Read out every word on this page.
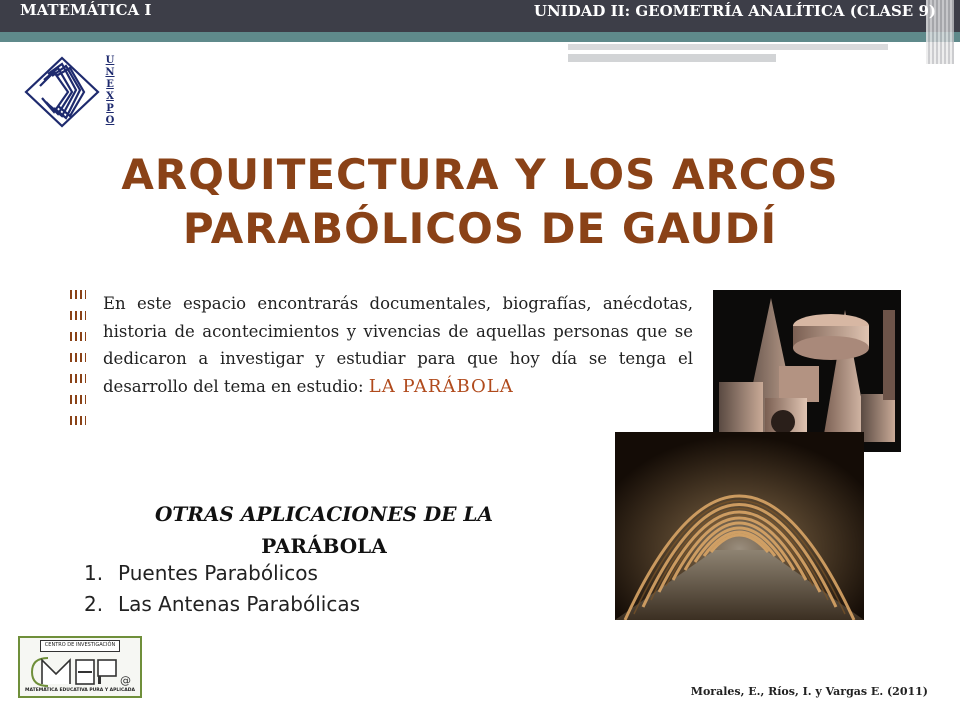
MATEMÁTICA I	UNIDAD II: GEOMETRÍA ANALÍTICA (CLASE 9)
U
N
E
X
P
O
ARQUITECTURA Y LOS ARCOS
PARABÓLICOS DE GAUDÍ
En este espacio encontrarás documentales, biografías, anécdotas, historia de acontecimientos y vivencias de aquellas personas que se dedicaron a investigar y estudiar para que hoy día se tenga el desarrollo del tema en estudio: LA PARÁBOLA
OTRAS APLICACIONES DE LA
PARÁBOLA
1. Puentes Parabólicos
2. Las Antenas Parabólicas
CENTRO DE INVESTIGACIÓN
@
MATEMÁTICA EDUCATIVA PURA Y APLICADA	Morales, E., Ríos, I. y Vargas E. (2011)
